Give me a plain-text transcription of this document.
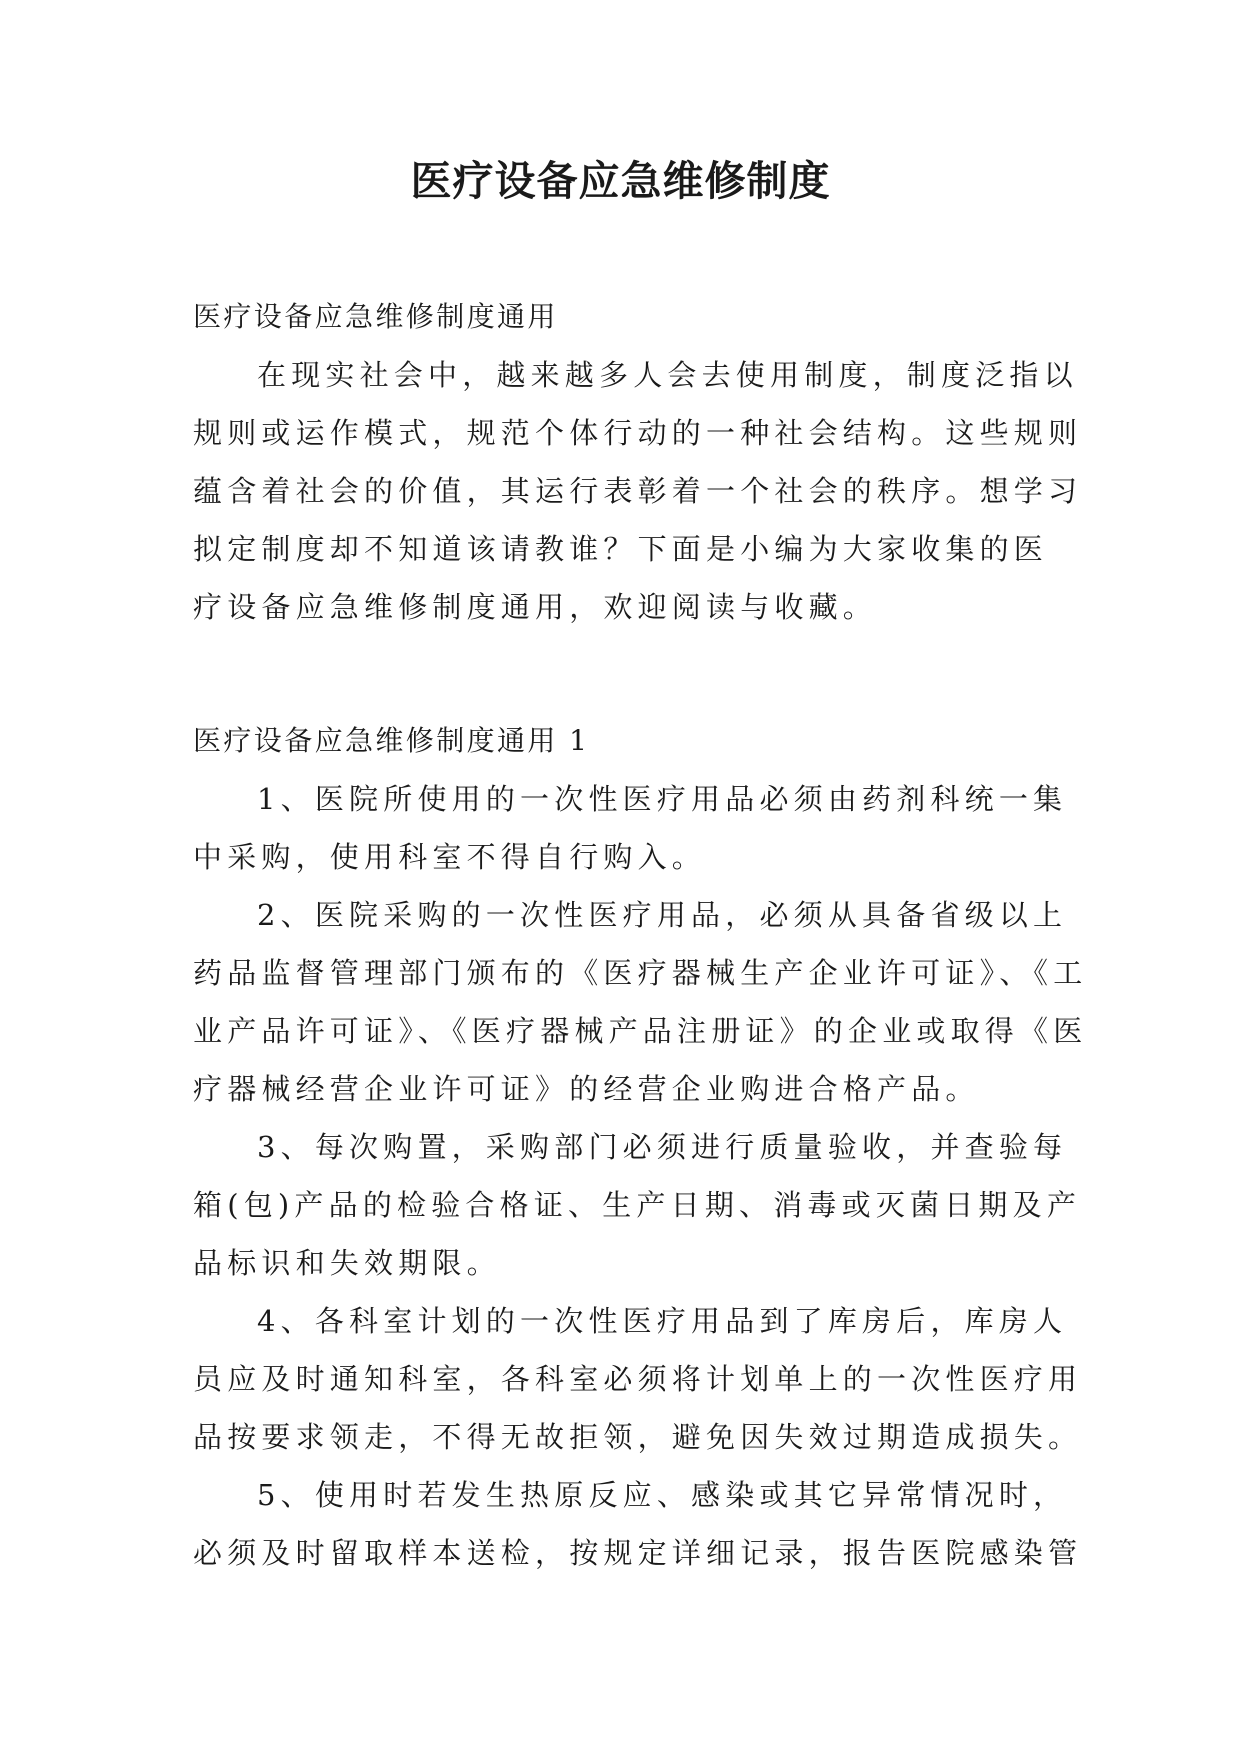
医疗设备应急维修制度
医疗设备应急维修制度通用
在现实社会中，越来越多人会去使用制度，制度泛指以
规则或运作模式，规范个体行动的一种社会结构。这些规则
蕴含着社会的价值，其运行表彰着一个社会的秩序。想学习
拟定制度却不知道该请教谁？下面是小编为大家收集的医
疗设备应急维修制度通用，欢迎阅读与收藏。
医疗设备应急维修制度通用 1
1、医院所使用的一次性医疗用品必须由药剂科统一集
中采购，使用科室不得自行购入。
2、医院采购的一次性医疗用品，必须从具备省级以上
药品监督管理部门颁布的《医疗器械生产企业许可证》、《工
业产品许可证》、《医疗器械产品注册证》的企业或取得《医
疗器械经营企业许可证》的经营企业购进合格产品。
3、每次购置，采购部门必须进行质量验收，并查验每
箱(包)产品的检验合格证、生产日期、消毒或灭菌日期及产
品标识和失效期限。
4、各科室计划的一次性医疗用品到了库房后，库房人
员应及时通知科室，各科室必须将计划单上的一次性医疗用
品按要求领走，不得无故拒领，避免因失效过期造成损失。
5、使用时若发生热原反应、感染或其它异常情况时，
必须及时留取样本送检，按规定详细记录，报告医院感染管
